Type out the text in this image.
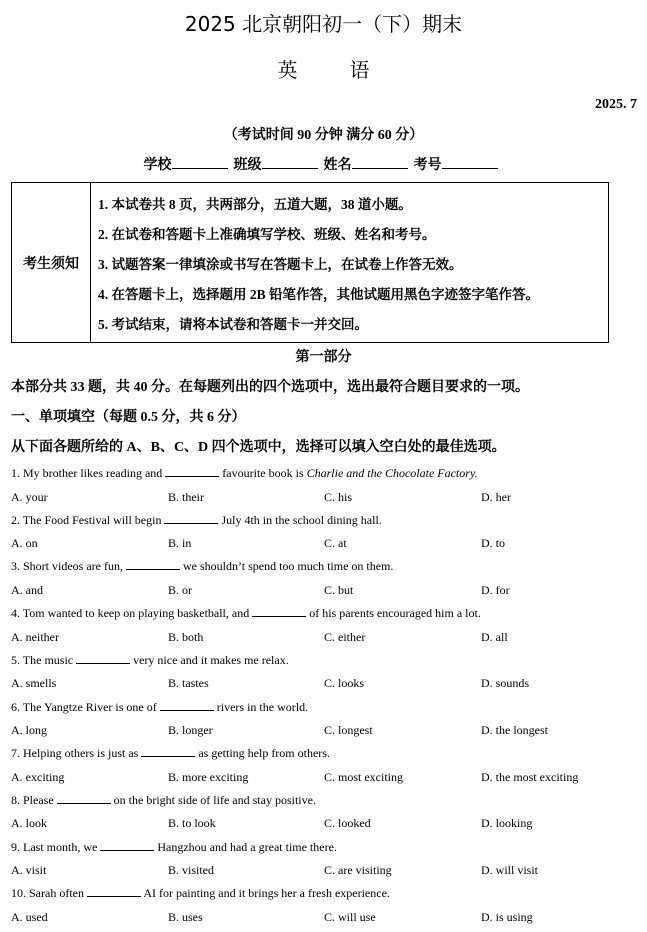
2025 北京朝阳初一（下）期末
英	语
2025. 7
（考试时间 90 分钟 满分 60 分）
学校	班级	姓名	考号
考生须知
1. 本试卷共 8 页，共两部分，五道大题，38 道小题。
2. 在试卷和答题卡上准确填写学校、班级、姓名和考号。
3. 试题答案一律填涂或书写在答题卡上，在试卷上作答无效。
4. 在答题卡上，选择题用 2B 铅笔作答，其他试题用黑色字迹签字笔作答。
5. 考试结束，请将本试卷和答题卡一并交回。
第一部分
本部分共 33 题，共 40 分。在每题列出的四个选项中，选出最符合题目要求的一项。
一、单项填空（每题 0.5 分，共 6 分）
从下面各题所给的 A、B、C、D 四个选项中，选择可以填入空白处的最佳选项。
1. My brother likes reading and	favourite book is Charlie and the Chocolate Factory.
A. your	B. their	C. his	D. her
2. The Food Festival will begin	July 4th in the school dining hall.
A. on	B. in	C. at	D. to
3. Short videos are fun,	we shouldn’t spend too much time on them.
A. and	B. or	C. but	D. for
4. Tom wanted to keep on playing basketball, and	of his parents encouraged him a lot.
A. neither	B. both	C. either	D. all
5. The music	very nice and it makes me relax.
A. smells	B. tastes	C. looks	D. sounds
6. The Yangtze River is one of	rivers in the world.
A. long	B. longer	C. longest	D. the longest
7. Helping others is just as	as getting help from others.
A. exciting	B. more exciting	C. most exciting	D. the most exciting
8. Please	on the bright side of life and stay positive.
A. look	B. to look	C. looked	D. looking
9. Last month, we	Hangzhou and had a great time there.
A. visit	B. visited	C. are visiting	D. will visit
10. Sarah often	AI for painting and it brings her a fresh experience.
A. used	B. uses	C. will use	D. is using
